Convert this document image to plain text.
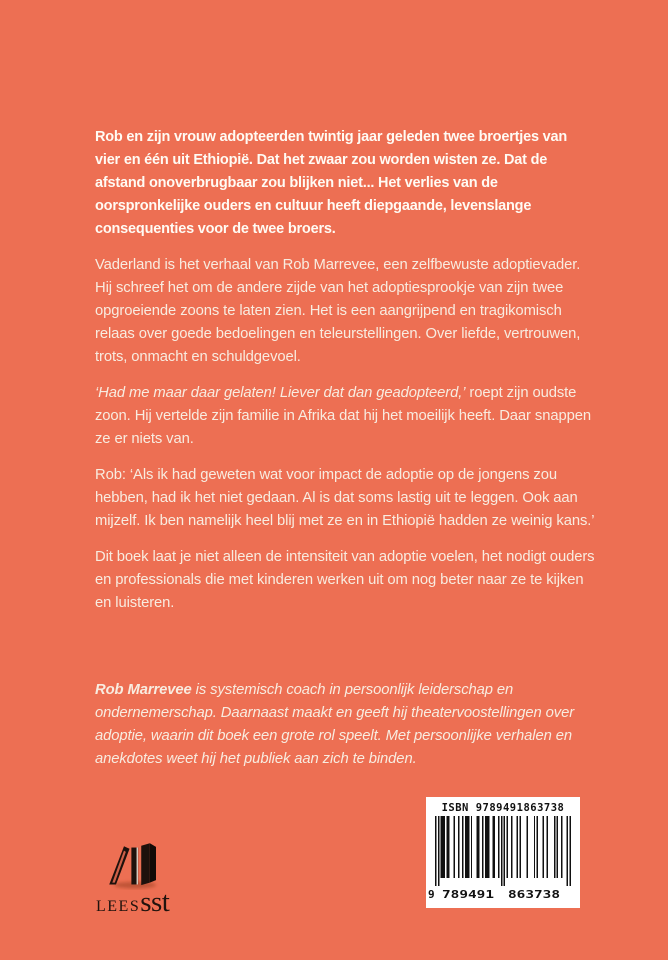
Rob en zijn vrouw adopteerden twintig jaar geleden twee broertjes van vier en één uit Ethiopië. Dat het zwaar zou worden wisten ze. Dat de afstand onoverbrugbaar zou blijken niet... Het verlies van de oorspronkelijke ouders en cultuur heeft diepgaande, levenslange consequenties voor de twee broers.

Vaderland is het verhaal van Rob Marrevee, een zelfbewuste adoptievader. Hij schreef het om de andere zijde van het adoptiesprookje van zijn twee opgroeiende zoons te laten zien. Het is een aangrijpend en tragikomisch relaas over goede bedoelingen en teleurstellingen. Over liefde, vertrouwen, trots, onmacht en schuldgevoel.

‘Had me maar daar gelaten! Liever dat dan geadopteerd,’ roept zijn oudste zoon. Hij vertelde zijn familie in Afrika dat hij het moeilijk heeft. Daar snappen ze er niets van.

Rob: ‘Als ik had geweten wat voor impact de adoptie op de jongens zou hebben, had ik het niet gedaan. Al is dat soms lastig uit te leggen. Ook aan mijzelf. Ik ben namelijk heel blij met ze en in Ethiopië hadden ze weinig kans.’

Dit boek laat je niet alleen de intensiteit van adoptie voelen, het nodigt ouders en professionals die met kinderen werken uit om nog beter naar ze te kijken en luisteren.

Rob Marrevee is systemisch coach in persoonlijk leiderschap en ondernemerschap. Daarnaast maakt en geeft hij theatervoostellingen over adoptie, waarin dit boek een grote rol speelt. Met persoonlijke verhalen en anekdotes weet hij het publiek aan zich te binden.

LEES sst
ISBN 9789491863738
9 789491 863738
